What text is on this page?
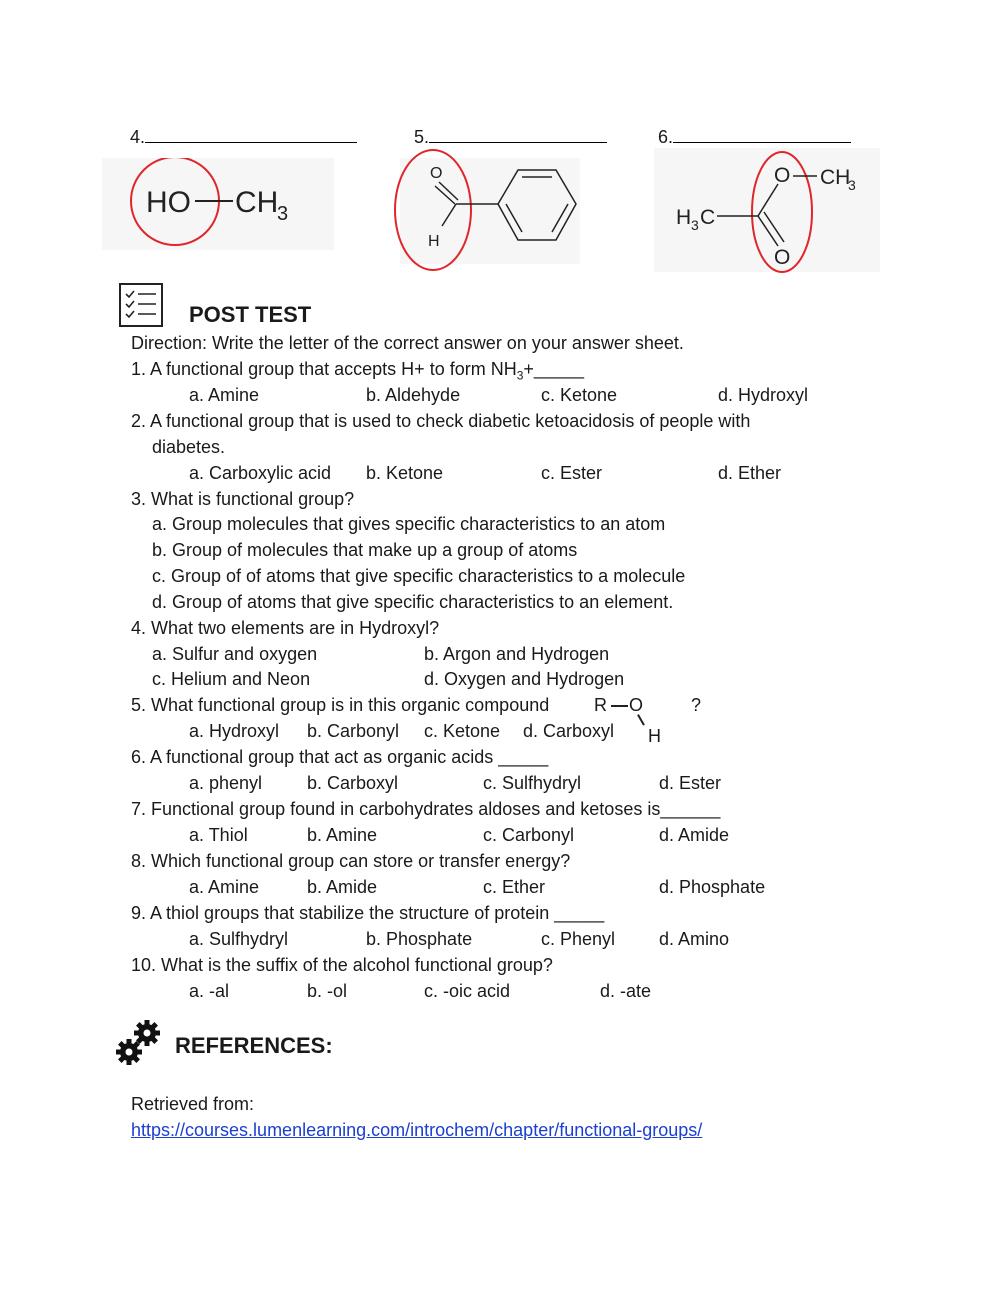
4.	5.	6.
HO CH
3
O
H
H 3 C
O CH
3
O
POST TEST
Direction: Write the letter of the correct answer on your answer sheet.
1. A functional group that accepts H+ to form $NH_3+\_\_\_\_\_$
a. Amine	b. Aldehyde	c. Ketone	d. Hydroxyl
2. A functional group that is used to check diabetic ketoacidosis of people with
diabetes.
a. Carboxylic acid b. Ketone	c. Ester	d. Ether
3. What is functional group?
a. Group molecules that gives specific characteristics to an atom
b. Group of molecules that make up a group of atoms
c. Group of of atoms that give specific characteristics to a molecule
d. Group of atoms that give specific characteristics to an element.
4. What two elements are in Hydroxyl?
a. Sulfur and oxygen	b. Argon and Hydrogen
c. Helium and Neon	d. Oxygen and Hydrogen
5. What functional group is in this organic compound R O
H
?
a. Hydroxyl b. Carbonyl c. Ketone d. Carboxyl
6. A functional group that act as organic acids _____
a. phenyl b. Carboxyl	c. Sulfhydryl	d. Ester
7. Functional group found in carbohydrates aldoses and ketoses is______
a. Thiol	b. Amine	c. Carbonyl	d. Amide
8. Which functional group can store or transfer energy?
a. Amine	b. Amide	c. Ether	d. Phosphate
9. A thiol groups that stabilize the structure of protein _____
a. Sulfhydryl	b. Phosphate	c. Phenyl d. Amino
10. What is the suffix of the alcohol functional group?
a. -al	b. -ol	c. -oic acid	d. -ate
REFERENCES:
Retrieved from:
https://courses.lumenlearning.com/introchem/chapter/functional-groups/
